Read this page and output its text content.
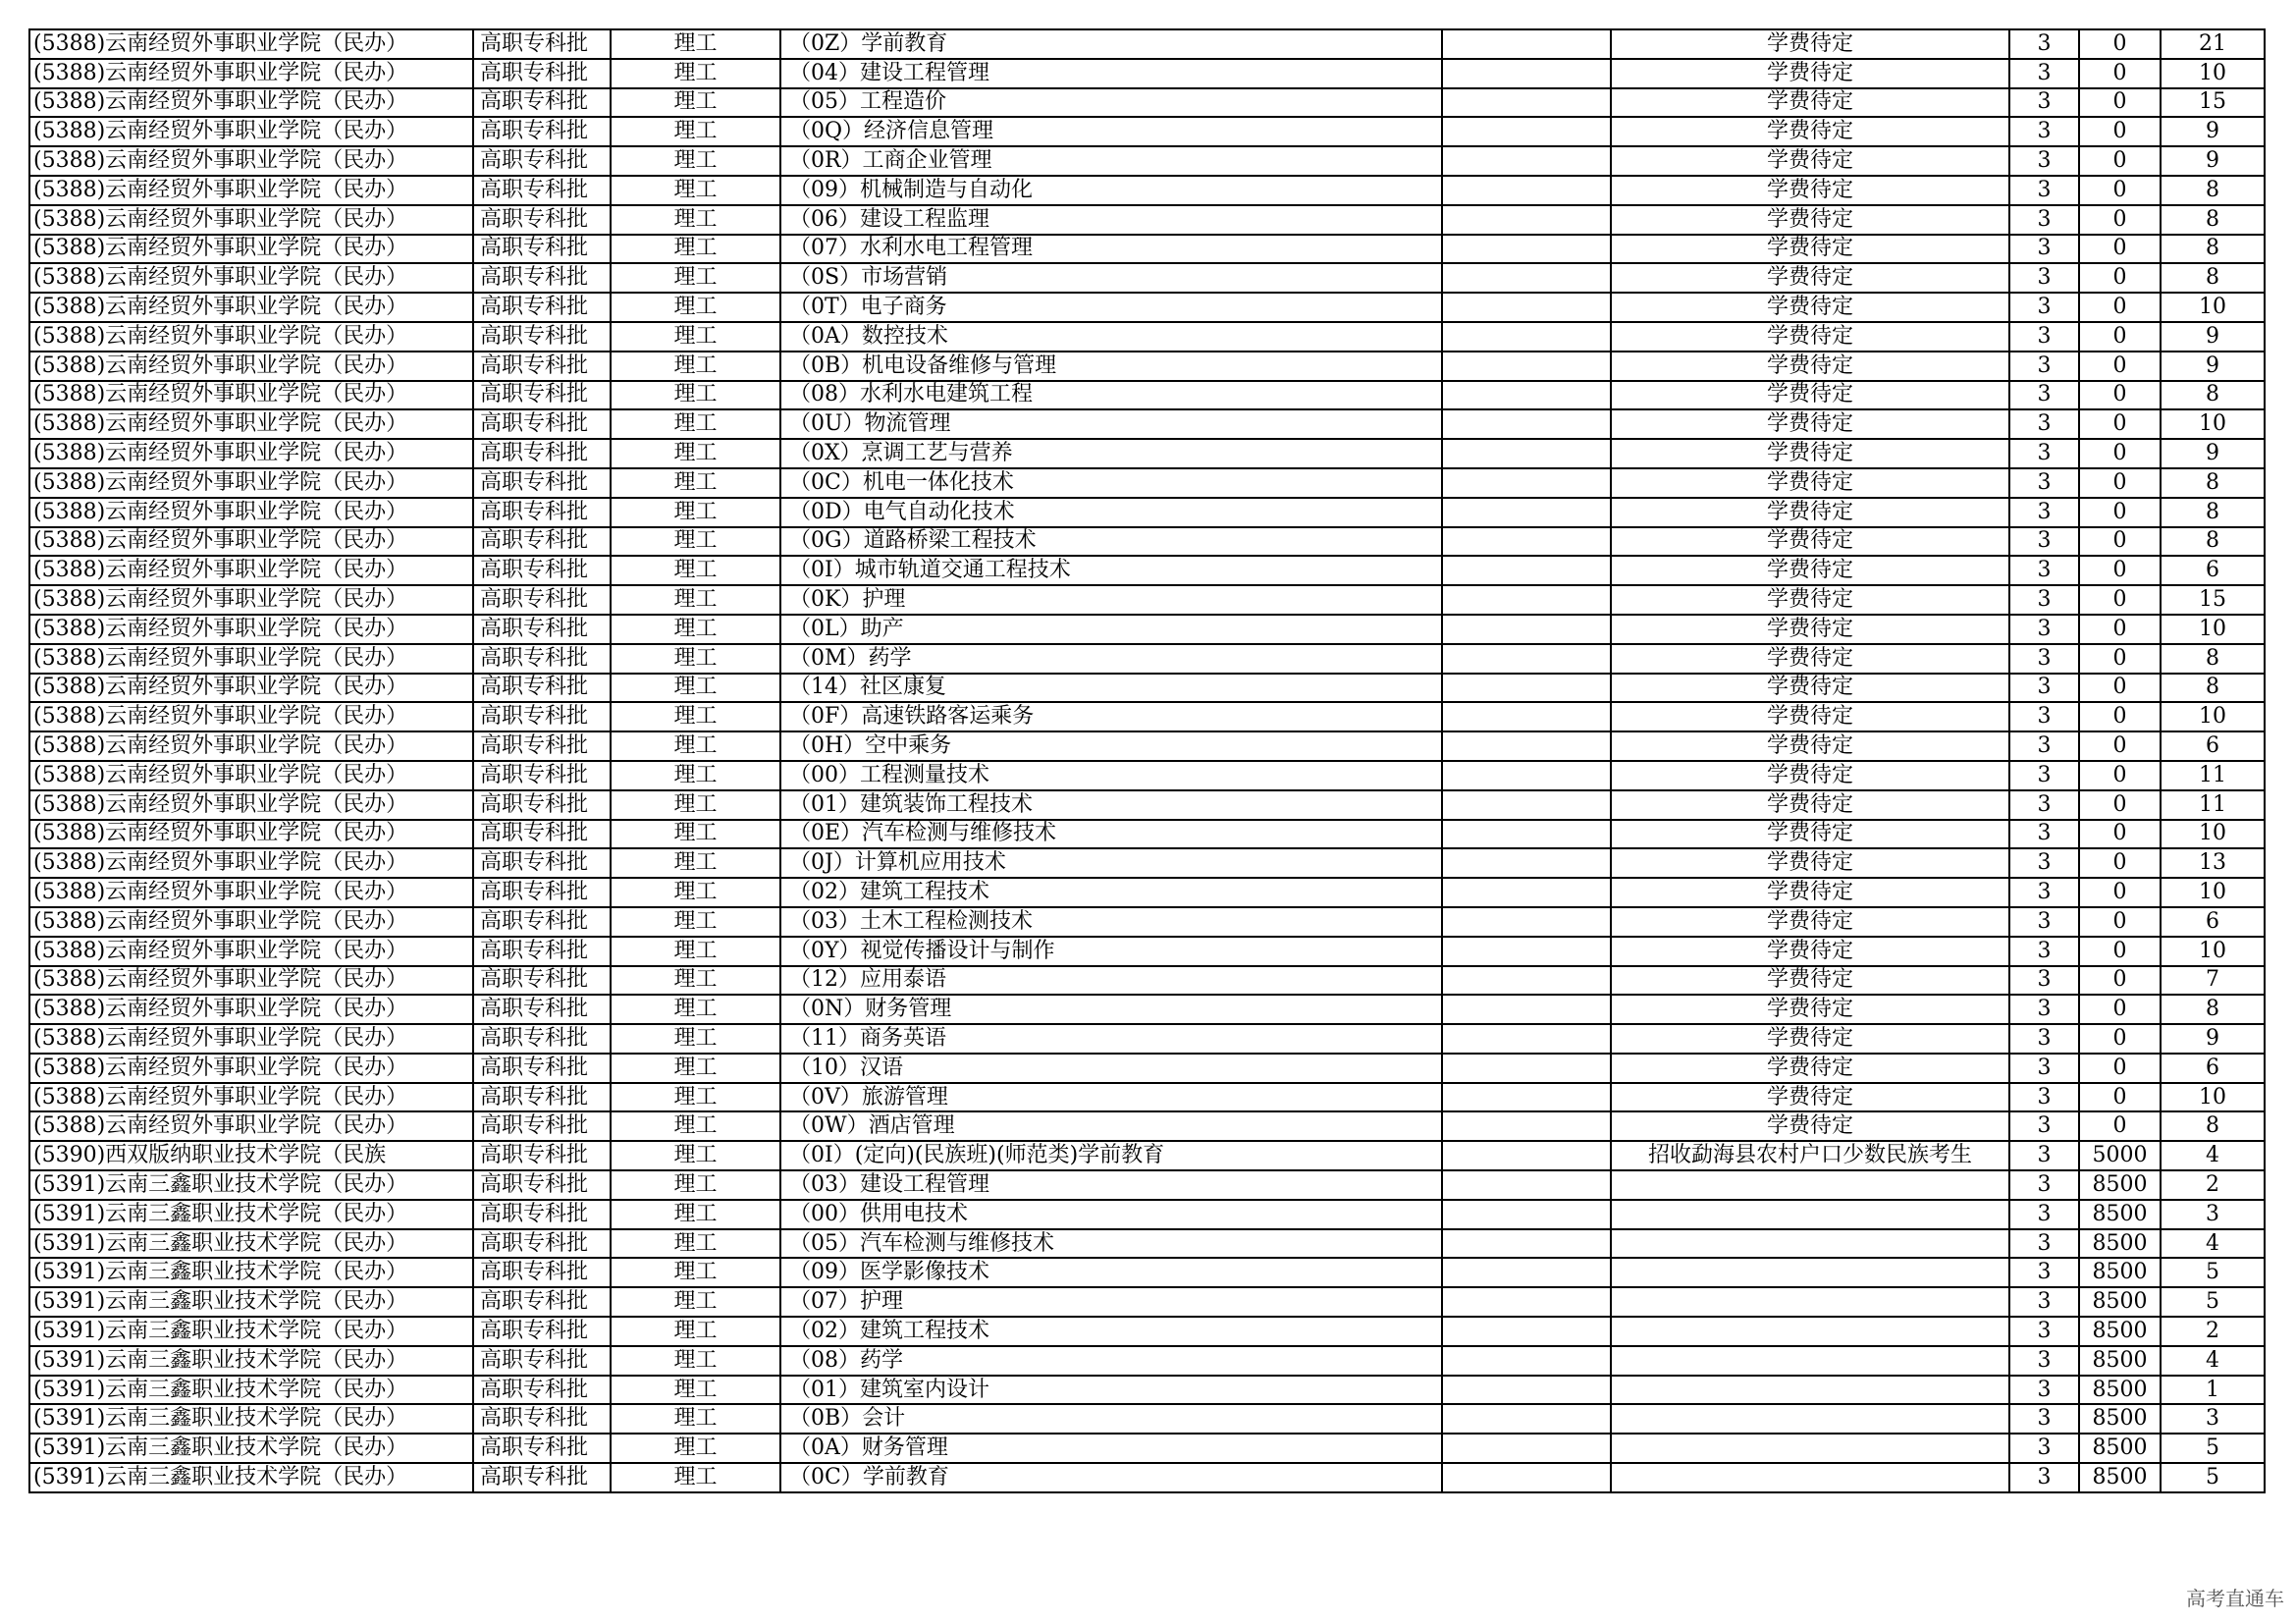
(5388)云南经贸外事职业学院（民办）	高职专科批	理工	（0Z）学前教育		学费待定	3	0	21
(5388)云南经贸外事职业学院（民办）	高职专科批	理工	（04）建设工程管理		学费待定	3	0	10
(5388)云南经贸外事职业学院（民办）	高职专科批	理工	（05）工程造价		学费待定	3	0	15
(5388)云南经贸外事职业学院（民办）	高职专科批	理工	（0Q）经济信息管理		学费待定	3	0	9
(5388)云南经贸外事职业学院（民办）	高职专科批	理工	（0R）工商企业管理		学费待定	3	0	9
(5388)云南经贸外事职业学院（民办）	高职专科批	理工	（09）机械制造与自动化		学费待定	3	0	8
(5388)云南经贸外事职业学院（民办）	高职专科批	理工	（06）建设工程监理		学费待定	3	0	8
(5388)云南经贸外事职业学院（民办）	高职专科批	理工	（07）水利水电工程管理		学费待定	3	0	8
(5388)云南经贸外事职业学院（民办）	高职专科批	理工	（0S）市场营销		学费待定	3	0	8
(5388)云南经贸外事职业学院（民办）	高职专科批	理工	（0T）电子商务		学费待定	3	0	10
(5388)云南经贸外事职业学院（民办）	高职专科批	理工	（0A）数控技术		学费待定	3	0	9
(5388)云南经贸外事职业学院（民办）	高职专科批	理工	（0B）机电设备维修与管理		学费待定	3	0	9
(5388)云南经贸外事职业学院（民办）	高职专科批	理工	（08）水利水电建筑工程		学费待定	3	0	8
(5388)云南经贸外事职业学院（民办）	高职专科批	理工	（0U）物流管理		学费待定	3	0	10
(5388)云南经贸外事职业学院（民办）	高职专科批	理工	（0X）烹调工艺与营养		学费待定	3	0	9
(5388)云南经贸外事职业学院（民办）	高职专科批	理工	（0C）机电一体化技术		学费待定	3	0	8
(5388)云南经贸外事职业学院（民办）	高职专科批	理工	（0D）电气自动化技术		学费待定	3	0	8
(5388)云南经贸外事职业学院（民办）	高职专科批	理工	（0G）道路桥梁工程技术		学费待定	3	0	8
(5388)云南经贸外事职业学院（民办）	高职专科批	理工	（0I）城市轨道交通工程技术		学费待定	3	0	6
(5388)云南经贸外事职业学院（民办）	高职专科批	理工	（0K）护理		学费待定	3	0	15
(5388)云南经贸外事职业学院（民办）	高职专科批	理工	（0L）助产		学费待定	3	0	10
(5388)云南经贸外事职业学院（民办）	高职专科批	理工	（0M）药学		学费待定	3	0	8
(5388)云南经贸外事职业学院（民办）	高职专科批	理工	（14）社区康复		学费待定	3	0	8
(5388)云南经贸外事职业学院（民办）	高职专科批	理工	（0F）高速铁路客运乘务		学费待定	3	0	10
(5388)云南经贸外事职业学院（民办）	高职专科批	理工	（0H）空中乘务		学费待定	3	0	6
(5388)云南经贸外事职业学院（民办）	高职专科批	理工	（00）工程测量技术		学费待定	3	0	11
(5388)云南经贸外事职业学院（民办）	高职专科批	理工	（01）建筑装饰工程技术		学费待定	3	0	11
(5388)云南经贸外事职业学院（民办）	高职专科批	理工	（0E）汽车检测与维修技术		学费待定	3	0	10
(5388)云南经贸外事职业学院（民办）	高职专科批	理工	（0J）计算机应用技术		学费待定	3	0	13
(5388)云南经贸外事职业学院（民办）	高职专科批	理工	（02）建筑工程技术		学费待定	3	0	10
(5388)云南经贸外事职业学院（民办）	高职专科批	理工	（03）土木工程检测技术		学费待定	3	0	6
(5388)云南经贸外事职业学院（民办）	高职专科批	理工	（0Y）视觉传播设计与制作		学费待定	3	0	10
(5388)云南经贸外事职业学院（民办）	高职专科批	理工	（12）应用泰语		学费待定	3	0	7
(5388)云南经贸外事职业学院（民办）	高职专科批	理工	（0N）财务管理		学费待定	3	0	8
(5388)云南经贸外事职业学院（民办）	高职专科批	理工	（11）商务英语		学费待定	3	0	9
(5388)云南经贸外事职业学院（民办）	高职专科批	理工	（10）汉语		学费待定	3	0	6
(5388)云南经贸外事职业学院（民办）	高职专科批	理工	（0V）旅游管理		学费待定	3	0	10
(5388)云南经贸外事职业学院（民办）	高职专科批	理工	（0W）酒店管理		学费待定	3	0	8
(5390)西双版纳职业技术学院（民族	高职专科批	理工	（0I）(定向)(民族班)(师范类)学前教育		招收勐海县农村户口少数民族考生	3	5000	4
(5391)云南三鑫职业技术学院（民办）	高职专科批	理工	（03）建设工程管理			3	8500	2
(5391)云南三鑫职业技术学院（民办）	高职专科批	理工	（00）供用电技术			3	8500	3
(5391)云南三鑫职业技术学院（民办）	高职专科批	理工	（05）汽车检测与维修技术			3	8500	4
(5391)云南三鑫职业技术学院（民办）	高职专科批	理工	（09）医学影像技术			3	8500	5
(5391)云南三鑫职业技术学院（民办）	高职专科批	理工	（07）护理			3	8500	5
(5391)云南三鑫职业技术学院（民办）	高职专科批	理工	（02）建筑工程技术			3	8500	2
(5391)云南三鑫职业技术学院（民办）	高职专科批	理工	（08）药学			3	8500	4
(5391)云南三鑫职业技术学院（民办）	高职专科批	理工	（01）建筑室内设计			3	8500	1
(5391)云南三鑫职业技术学院（民办）	高职专科批	理工	（0B）会计			3	8500	3
(5391)云南三鑫职业技术学院（民办）	高职专科批	理工	（0A）财务管理			3	8500	5
(5391)云南三鑫职业技术学院（民办）	高职专科批	理工	（0C）学前教育			3	8500	5
高考直通车
